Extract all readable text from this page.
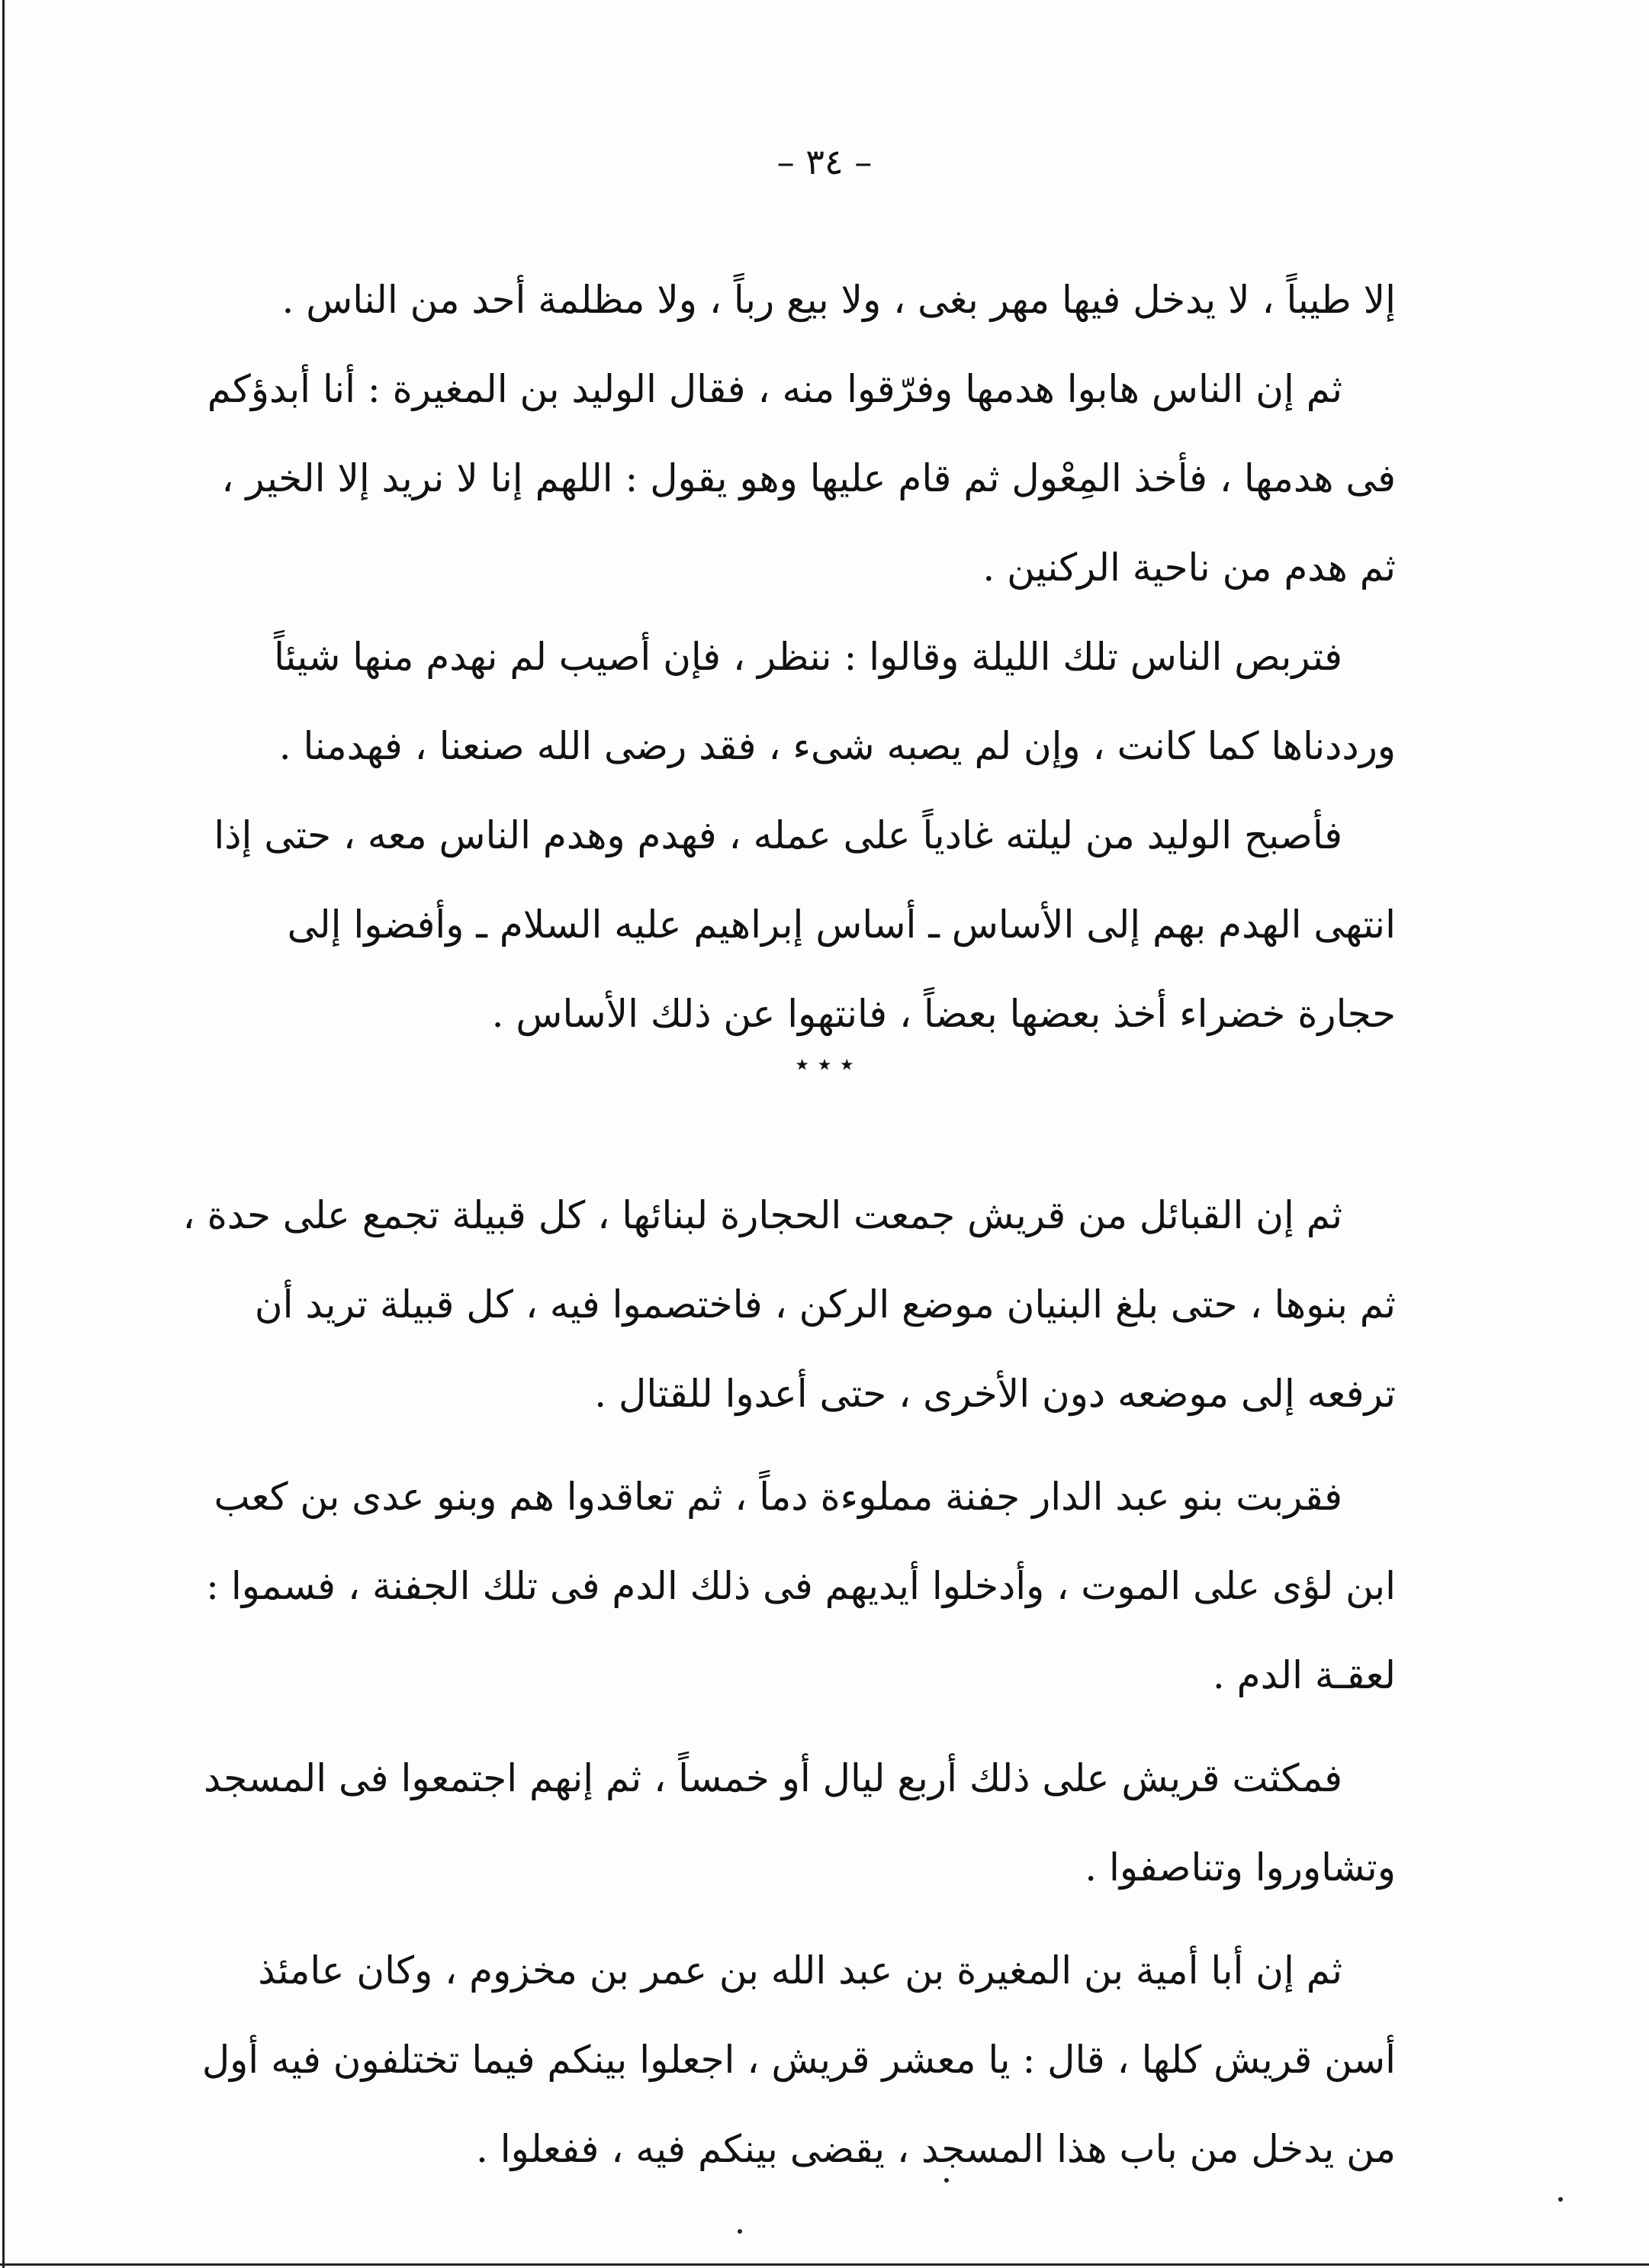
– ٣٤ –
إلا طيباً ، لا يدخل فيها مهر بغى ، ولا بيع رباً ، ولا مظلمة أحد من الناس .
ثم إن الناس هابوا هدمها وفرّقوا منه ، فقال الوليد بن المغيرة : أنا أبدؤكم
فى هدمها ، فأخذ المِعْول ثم قام عليها وهو يقول : اللهم إنا لا نريد إلا الخير ،
ثم هدم من ناحية الركنين .
فتربص الناس تلك الليلة وقالوا : ننظر ، فإن أصيب لم نهدم منها شيئاً
ورددناها كما كانت ، وإن لم يصبه شىء ، فقد رضى الله صنعنا ، فهدمنا .
فأصبح الوليد من ليلته غادياً على عمله ، فهدم وهدم الناس معه ، حتى إذا
انتهى الهدم بهم إلى الأساس ـ أساس إبراهيم عليه السلام ـ وأفضوا إلى
حجارة خضراء أخذ بعضها بعضاً ، فانتهوا عن ذلك الأساس .
٭ ٭ ٭
ثم إن القبائل من قريش جمعت الحجارة لبنائها ، كل قبيلة تجمع على حدة ،
ثم بنوها ، حتى بلغ البنيان موضع الركن ، فاختصموا فيه ، كل قبيلة تريد أن
ترفعه إلى موضعه دون الأخرى ، حتى أعدوا للقتال .
فقربت بنو عبد الدار جفنة مملوءة دماً ، ثم تعاقدوا هم وبنو عدى بن كعب
ابن لؤى على الموت ، وأدخلوا أيديهم فى ذلك الدم فى تلك الجفنة ، فسموا :
لعقـة الدم .
فمكثت قريش على ذلك أربع ليال أو خمساً ، ثم إنهم اجتمعوا فى المسجد
وتشاوروا وتناصفوا .
ثم إن أبا أمية بن المغيرة بن عبد الله بن عمر بن مخزوم ، وكان عامئذ
أسن قريش كلها ، قال : يا معشر قريش ، اجعلوا بينكم فيما تختلفون فيه أول
من يدخل من باب هذا المسجد ، يقضى بينكم فيه ، ففعلوا .
